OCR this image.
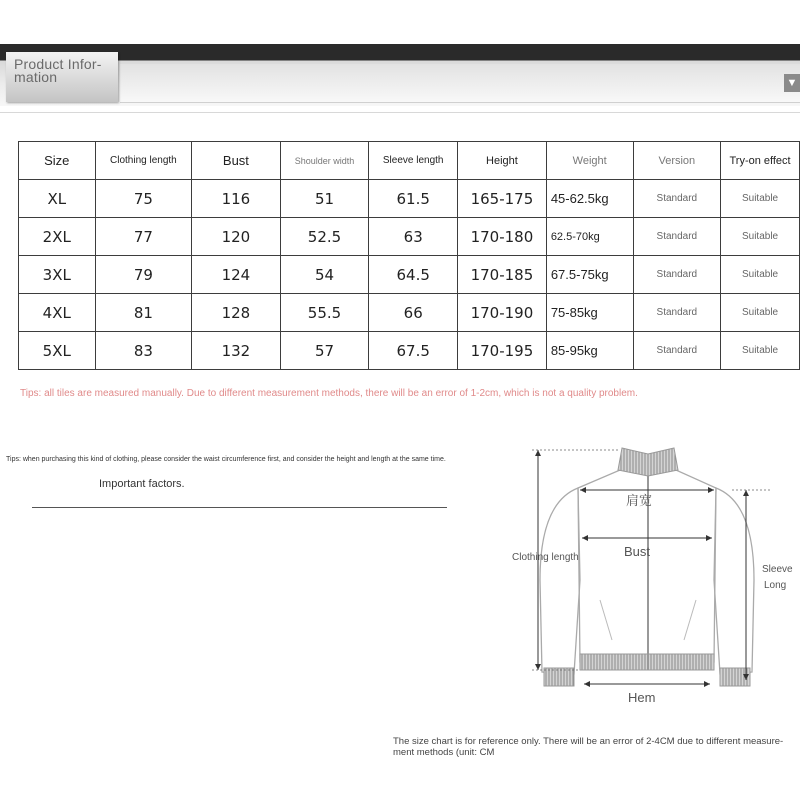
Product Infor-
mation	▼
Size	Clothing length	Bust	Shoulder width	Sleeve length	Height	Weight	Version	Try-on effect
XL	75	116	51	61.5	165-175	45-62.5kg	Standard	Suitable
2XL	77	120	52.5	63	170-180	62.5-70kg	Standard	Suitable
3XL	79	124	54	64.5	170-185	67.5-75kg	Standard	Suitable
4XL	81	128	55.5	66	170-190	75-85kg	Standard	Suitable
5XL	83	132	57	67.5	170-195	85-95kg	Standard	Suitable
Tips: all tiles are measured manually. Due to different measurement methods, there will be an error of 1-2cm, which is not a quality problem.
Tips: when purchasing this kind of clothing, please consider the waist circumference first, and consider the height and length at the same time.
Important factors.
肩宽
Bust
Clothing length
Sleeve
Long
Hem
The size chart is for reference only. There will be an error of 2-4CM due to different measure-ment methods (unit: CM
